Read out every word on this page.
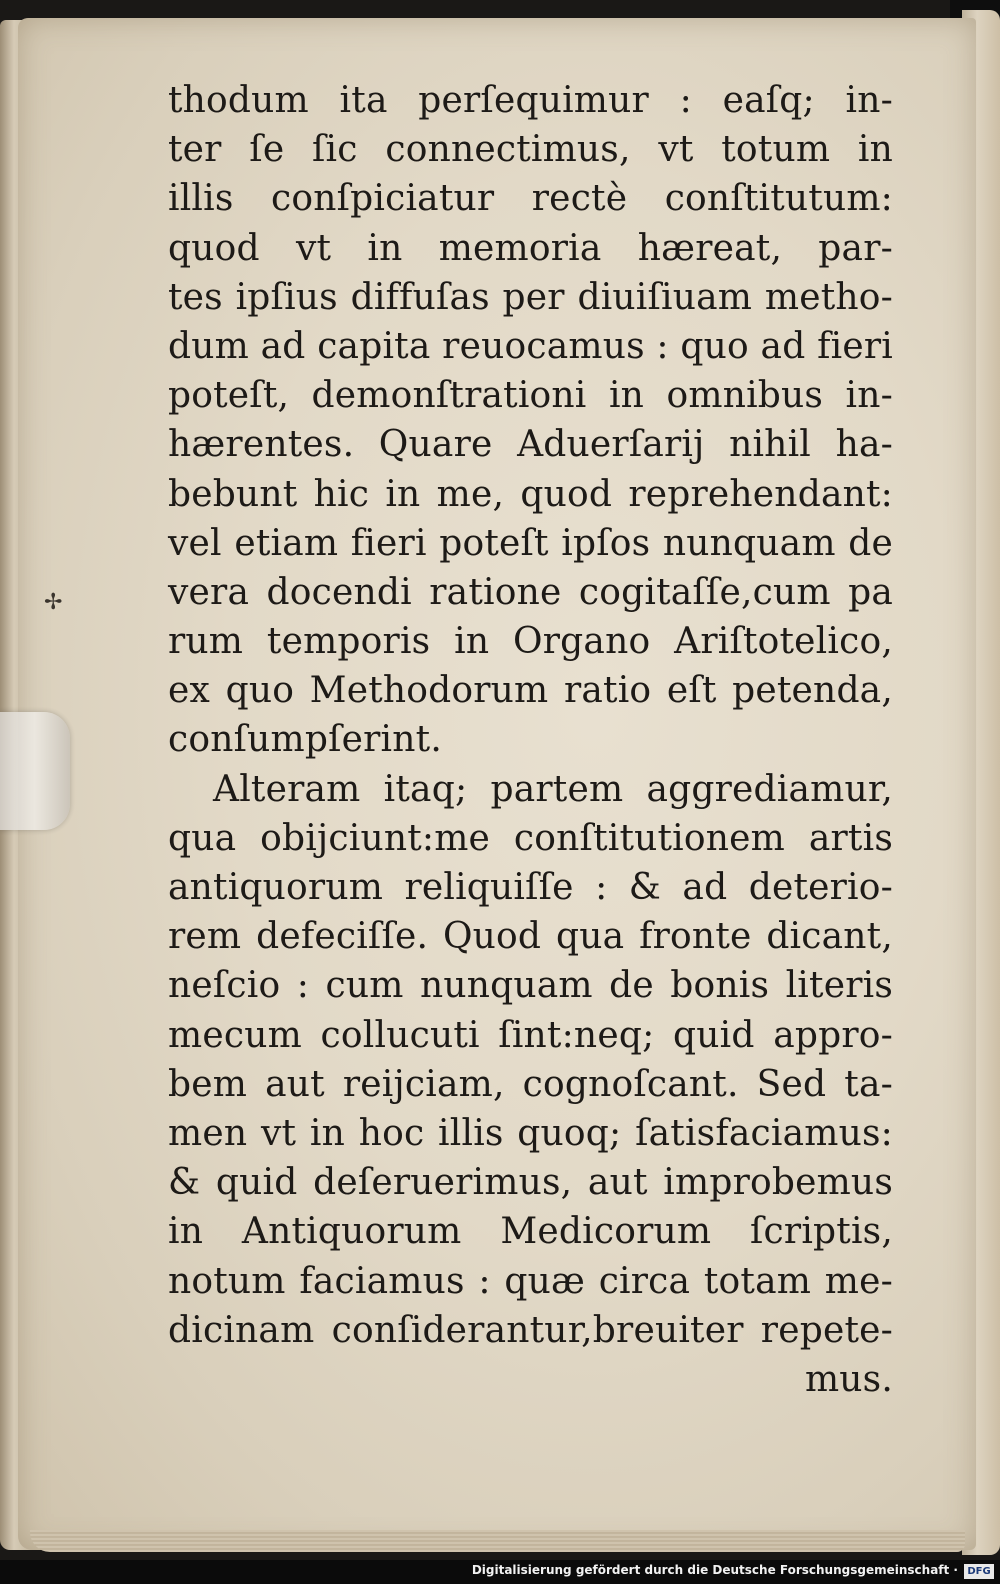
✢
thodum ita perſequimur : eaſq; in-
ter ſe ſic connectimus, vt totum in
illis conſpiciatur rectè conſtitutum:
quod vt in memoria hæreat, par-
tes ipſius diffuſas per diuiſiuam metho-
dum ad capita reuocamus : quo ad fieri
poteſt, demonſtrationi in omnibus in-
hærentes. Quare Aduerſarij nihil ha-
bebunt hic in me, quod reprehendant:
vel etiam fieri poteſt ipſos nunquam de
vera docendi ratione cogitaſſe,cum pa
rum temporis in Organo Ariſtotelico,
ex quo Methodorum ratio eſt petenda,
conſumpſerint.
Alteram itaq; partem aggrediamur,
qua obijciunt:me conſtitutionem artis
antiquorum reliquiſſe : & ad deterio-
rem defeciſſe. Quod qua fronte dicant,
neſcio : cum nunquam de bonis literis
mecum collucuti ſint:neq; quid appro-
bem aut reijciam, cognoſcant. Sed ta-
men vt in hoc illis quoq; ſatisfaciamus:
& quid deſeruerimus, aut improbemus
in Antiquorum Medicorum ſcriptis,
notum faciamus : quæ circa totam me-
dicinam conſiderantur,breuiter repete-
mus.
Digitalisierung gefördert durch die Deutsche Forschungsgemeinschaft · DFG
